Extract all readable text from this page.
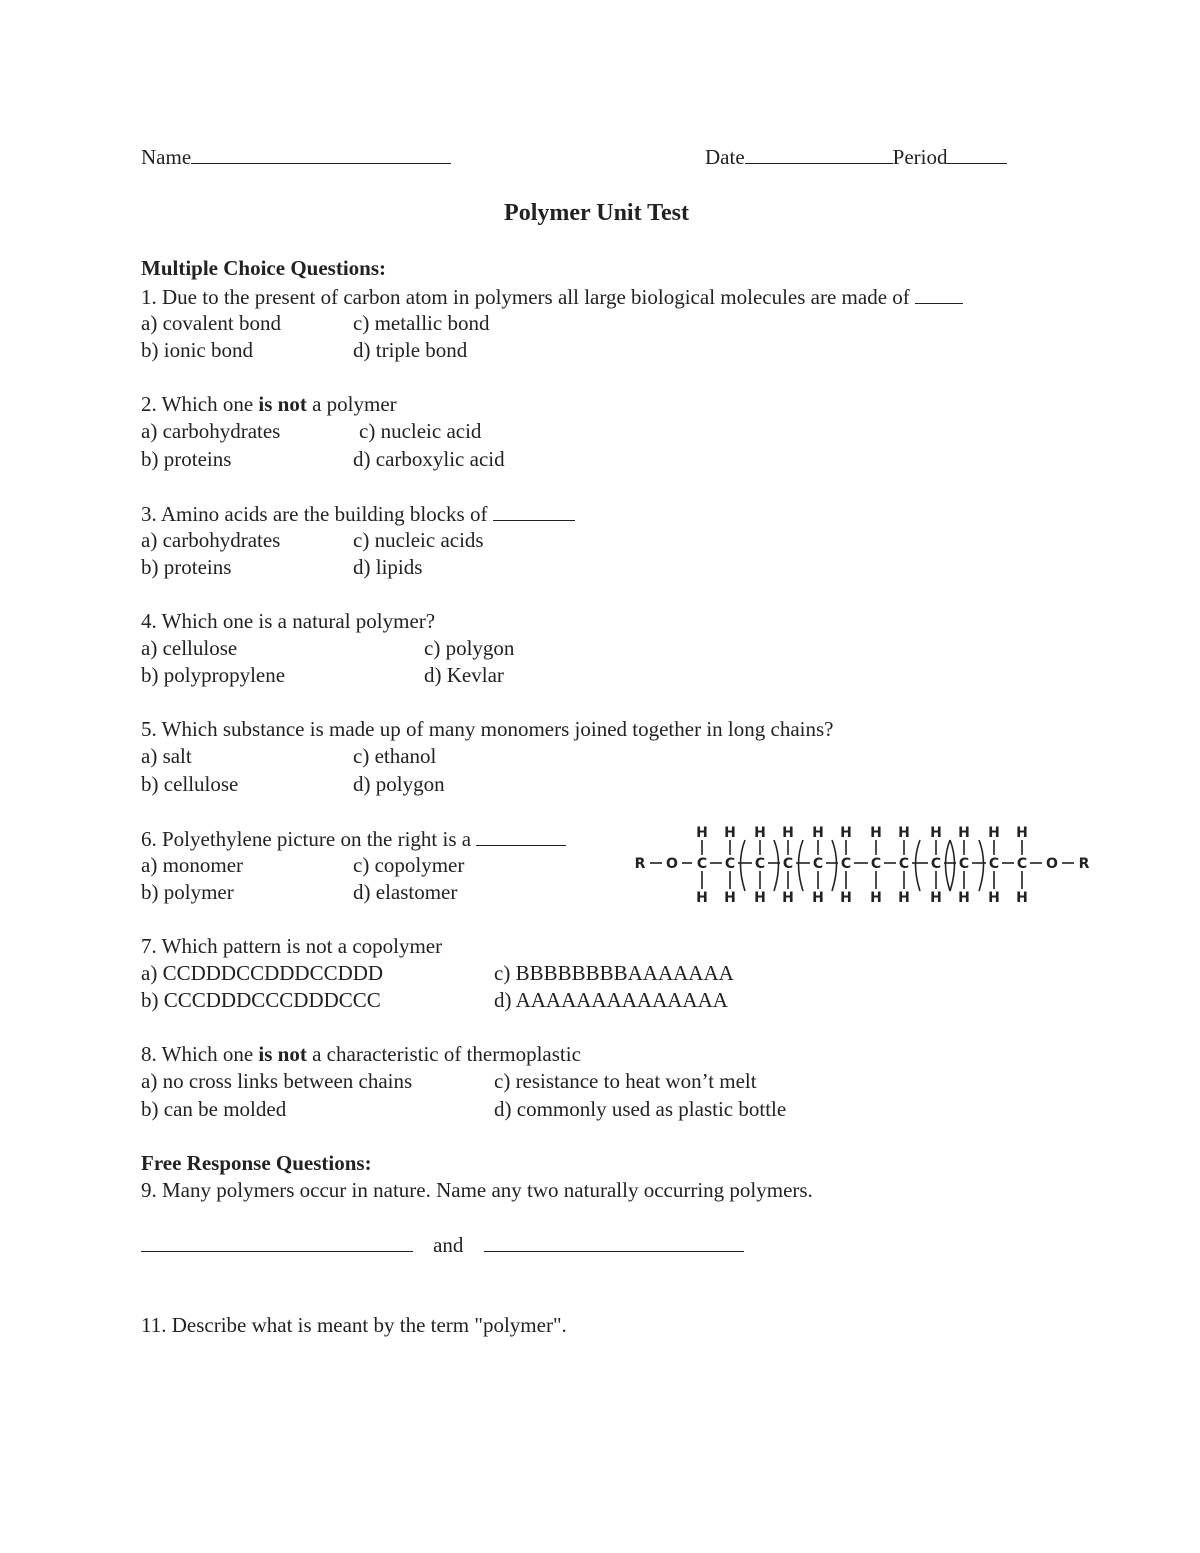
Name	Date	Period
Polymer Unit Test
Multiple Choice Questions:
1. Due to the present of carbon atom in polymers all large biological molecules are made of
a) covalent bond
b) ionic bond
c) metallic bond
d) triple bond
2. Which one is not a polymer
a) carbohydrates
b) proteins
c) nucleic acid
d) carboxylic acid
3. Amino acids are the building blocks of
a) carbohydrates
b) proteins
c) nucleic acids
d) lipids
4. Which one is a natural polymer?
a) cellulose
b) polypropylene
c) polygon
d) Kevlar
5. Which substance is made up of many monomers joined together in long chains?
a) salt
b) cellulose
c) ethanol
d) polygon
6. Polyethylene picture on the right is a
a) monomer
b) polymer
c) copolymer
d) elastomer
R O C
H
H
C
H
H
C
H
H
C
H
H
C
H
H
C
H
H
C
H
H
C
H
H
C
H
H
C
H
H
C
H
H
C
H
H
O R
7. Which pattern is not a copolymer
a) CCDDDCCDDDCCDDD
b) CCCDDDCCCDDDCCC
c) BBBBBBBBAAAAAAA
d) AAAAAAAAAAAAAA
8. Which one is not a characteristic of thermoplastic
a) no cross links between chains
b) can be molded
c) resistance to heat won’t melt
d) commonly used as plastic bottle
Free Response Questions:
9. Many polymers occur in nature. Name any two naturally occurring polymers.
and
11. Describe what is meant by the term "polymer".
